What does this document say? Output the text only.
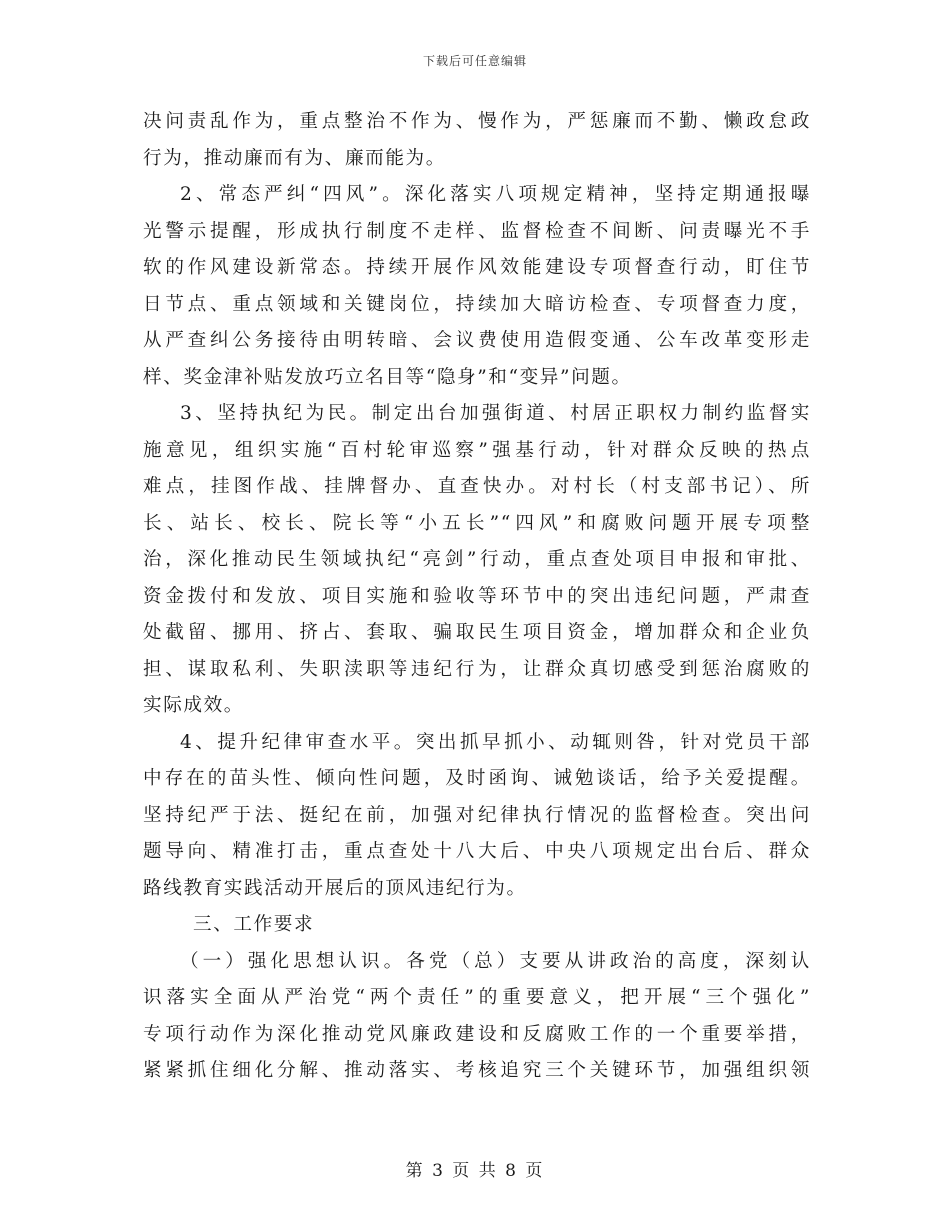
下载后可任意编辑
决问责乱作为，重点整治不作为、慢作为，严惩廉而不勤、懒政怠政
行为，推动廉而有为、廉而能为。
2、常态严纠“四风”。深化落实八项规定精神，坚持定期通报曝
光警示提醒，形成执行制度不走样、监督检查不间断、问责曝光不手
软的作风建设新常态。持续开展作风效能建设专项督查行动，盯住节
日节点、重点领域和关键岗位，持续加大暗访检查、专项督查力度，
从严查纠公务接待由明转暗、会议费使用造假变通、公车改革变形走
样、奖金津补贴发放巧立名目等“隐身”和“变异”问题。
3、坚持执纪为民。制定出台加强街道、村居正职权力制约监督实
施意见，组织实施“百村轮审巡察”强基行动，针对群众反映的热点
难点，挂图作战、挂牌督办、直查快办。对村长（村支部书记）、所
长、站长、校长、院长等“小五长”“四风”和腐败问题开展专项整
治，深化推动民生领域执纪“亮剑”行动，重点查处项目申报和审批、
资金拨付和发放、项目实施和验收等环节中的突出违纪问题，严肃查
处截留、挪用、挤占、套取、骗取民生项目资金，增加群众和企业负
担、谋取私利、失职渎职等违纪行为，让群众真切感受到惩治腐败的
实际成效。
4、提升纪律审查水平。突出抓早抓小、动辄则咎，针对党员干部
中存在的苗头性、倾向性问题，及时函询、诫勉谈话，给予关爱提醒。
坚持纪严于法、挺纪在前，加强对纪律执行情况的监督检查。突出问
题导向、精准打击，重点查处十八大后、中央八项规定出台后、群众
路线教育实践活动开展后的顶风违纪行为。
三、工作要求
（一）强化思想认识。各党（总）支要从讲政治的高度，深刻认
识落实全面从严治党“两个责任”的重要意义，把开展“三个强化”
专项行动作为深化推动党风廉政建设和反腐败工作的一个重要举措，
紧紧抓住细化分解、推动落实、考核追究三个关键环节，加强组织领
第 3 页 共 8 页
